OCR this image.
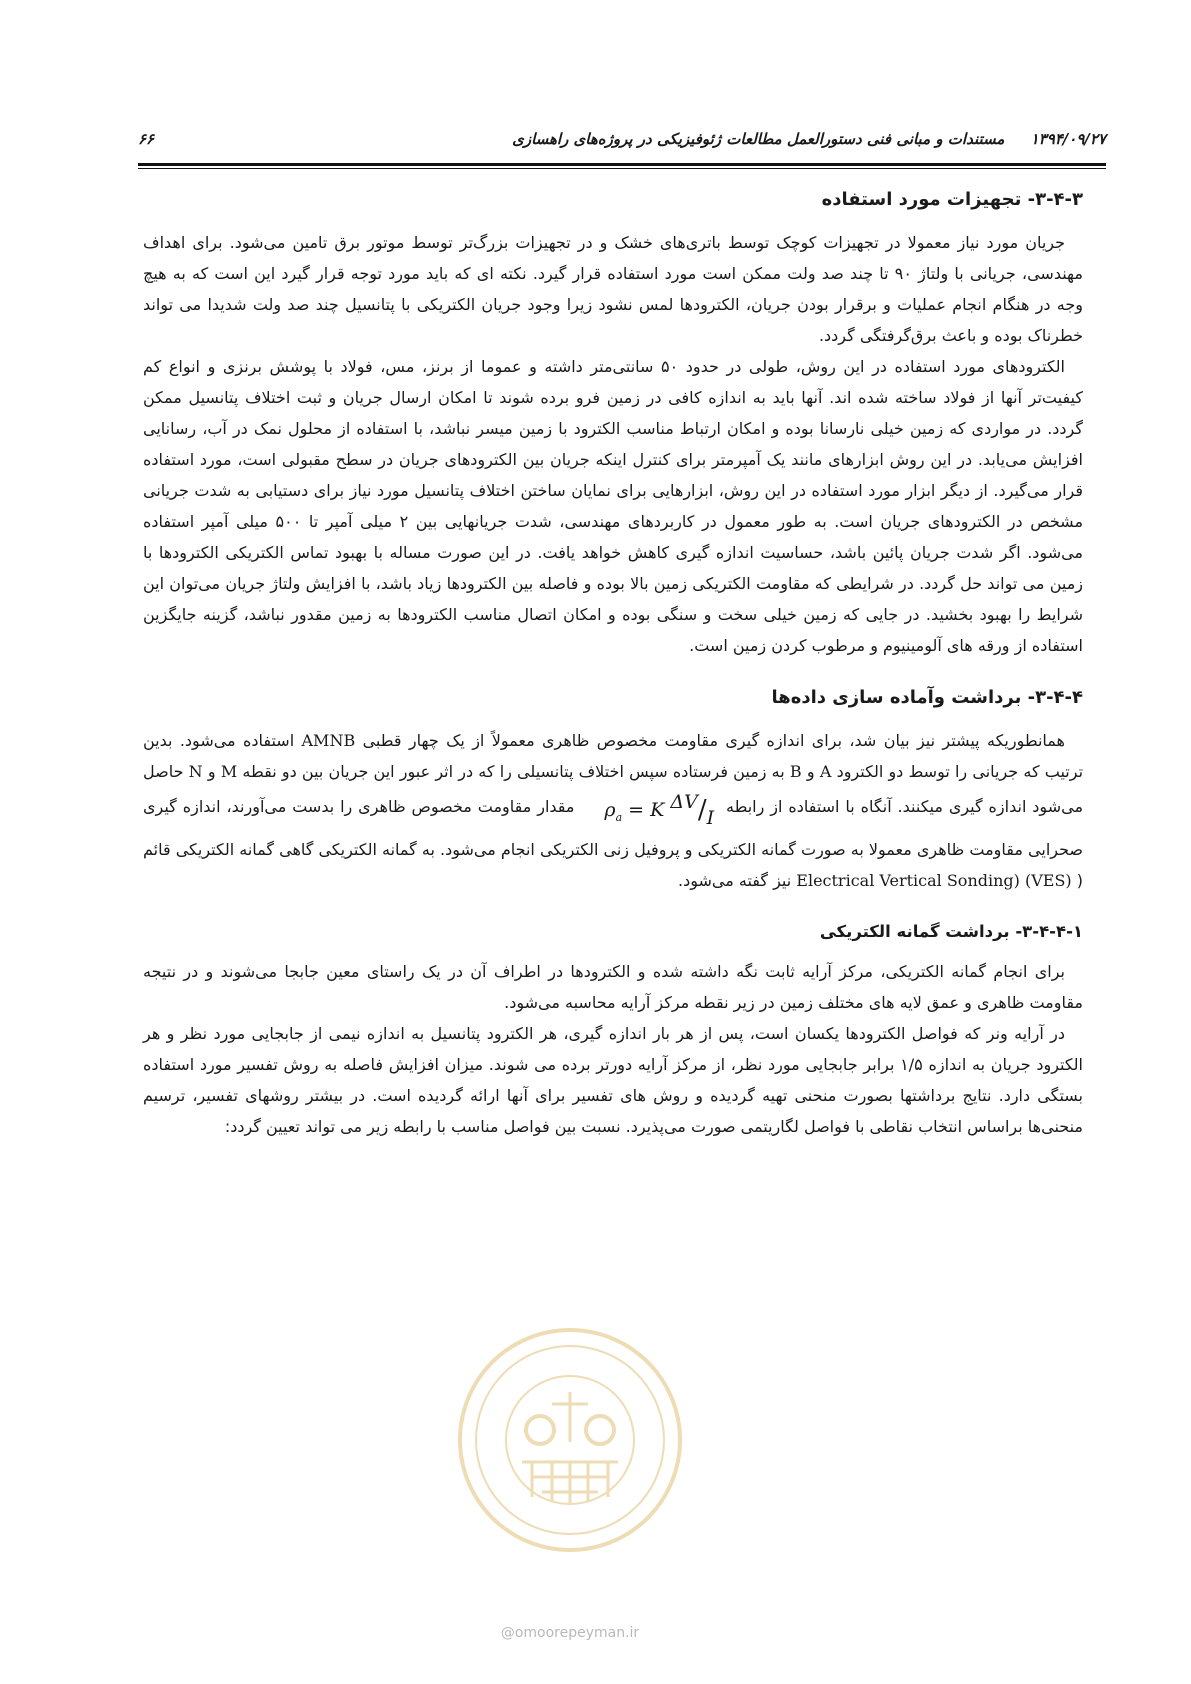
۱۳۹۴/۰۹/۲۷     مستندات و مبانی فنی دستورالعمل مطالعات ژئوفیزیکی در پروژه‌های راهسازی
۶۶
۳-۴-۳- تجهیزات مورد استفاده

جریان مورد نیاز معمولا در تجهیزات کوچک توسط باتری‌های خشک و در تجهیزات بزرگ‌تر توسط موتور برق تامین می‌شود. برای اهداف مهندسی، جریانی با ولتاژ ۹۰ تا چند صد ولت ممکن است مورد استفاده قرار گیرد. نکته ای که باید مورد توجه قرار گیرد این است که به هیچ وجه در هنگام انجام عملیات و برقرار بودن جریان، الکترودها لمس نشود زیرا وجود جریان الکتریکی با پتانسیل چند صد ولت شدیدا می تواند خطرناک بوده و باعث برق‌گرفتگی گردد.

الکترودهای مورد استفاده در این روش، طولی در حدود ۵۰ سانتی‌متر داشته و عموما از برنز، مس، فولاد با پوشش برنزی و انواع کم کیفیت‌تر آنها از فولاد ساخته شده اند. آنها باید به اندازه کافی در زمین فرو برده شوند تا امکان ارسال جریان و ثبت اختلاف پتانسیل ممکن گردد. در مواردی که زمین خیلی نارسانا بوده و امکان ارتباط مناسب الکترود با زمین میسر نباشد، با استفاده از محلول نمک در آب، رسانایی افزایش می‌یابد. در این روش ابزارهای مانند یک آمپرمتر برای کنترل اینکه جریان بین الکترودهای جریان در سطح مقبولی است، مورد استفاده قرار می‌گیرد. از دیگر ابزار مورد استفاده در این روش، ابزارهایی برای نمایان ساختن اختلاف پتانسیل مورد نیاز برای دستیابی به شدت جریانی مشخص در الکترودهای جریان است. به طور معمول در کاربردهای مهندسی، شدت جریانهایی بین ۲ میلی آمپر تا ۵۰۰ میلی آمپر استفاده می‌شود. اگر شدت جریان پائین باشد، حساسیت اندازه گیری کاهش خواهد یافت. در این صورت مساله با بهبود تماس الکتریکی الکترودها با زمین می تواند حل گردد. در شرایطی که مقاومت الکتریکی زمین بالا بوده و فاصله بین الکترودها زیاد باشد، با افزایش ولتاژ جریان می‌توان این شرایط را بهبود بخشید. در جایی که زمین خیلی سخت و سنگی بوده و امکان اتصال مناسب الکترودها به زمین مقدور نباشد، گزینه جایگزین استفاده از ورقه های آلومینیوم و مرطوب کردن زمین است.

۳-۴-۴- برداشت وآماده سازی داده‌ها

همانطوریکه پیشتر نیز بیان شد، برای اندازه گیری مقاومت مخصوص ظاهری معمولاً از یک چهار قطبی AMNB استفاده می‌شود. بدین ترتیب که جریانی را توسط دو الکترود A و B به زمین فرستاده سپس اختلاف پتانسیلی را که در اثر عبور این جریان بین دو نقطه M و N حاصل می‌شود اندازه گیری میکنند. آنگاه با استفاده از رابطه $\rho_a = K$ ΔV/I مقدار مقاومت مخصوص ظاهری را بدست می‌آورند، اندازه گیری صحرایی مقاومت ظاهری معمولا به صورت گمانه الکتریکی و پروفیل زنی الکتریکی انجام می‌شود. به گمانه الکتریکی گاهی گمانه الکتریکی قائم ( Electrical Vertical Sonding) (VES) نیز گفته می‌شود.

۳-۴-۴-۱- برداشت گمانه الکتریکی

برای انجام گمانه الکتریکی، مرکز آرایه ثابت نگه داشته شده و الکترودها در اطراف آن در یک راستای معین جابجا می‌شوند و در نتیجه مقاومت ظاهری و عمق لایه های مختلف زمین در زیر نقطه مرکز آرایه محاسبه می‌شود.

در آرایه ونر که فواصل الکترودها یکسان است، پس از هر بار اندازه گیری، هر الکترود پتانسیل به اندازه نیمی از جابجایی مورد نظر و هر الکترود جریان به اندازه ۱/۵ برابر جابجایی مورد نظر، از مرکز آرایه دورتر برده می شوند. میزان افزایش فاصله به روش تفسیر مورد استفاده بستگی دارد. نتایج برداشتها بصورت منحنی تهیه گردیده و روش های تفسیر برای آنها ارائه گردیده است. در بیشتر روشهای تفسیر، ترسیم منحنی‌ها براساس انتخاب نقاطی با فواصل لگاریتمی صورت می‌پذیرد. نسبت بین فواصل مناسب با رابطه زیر می تواند تعیین گردد:

@omoorepeyman.ir
